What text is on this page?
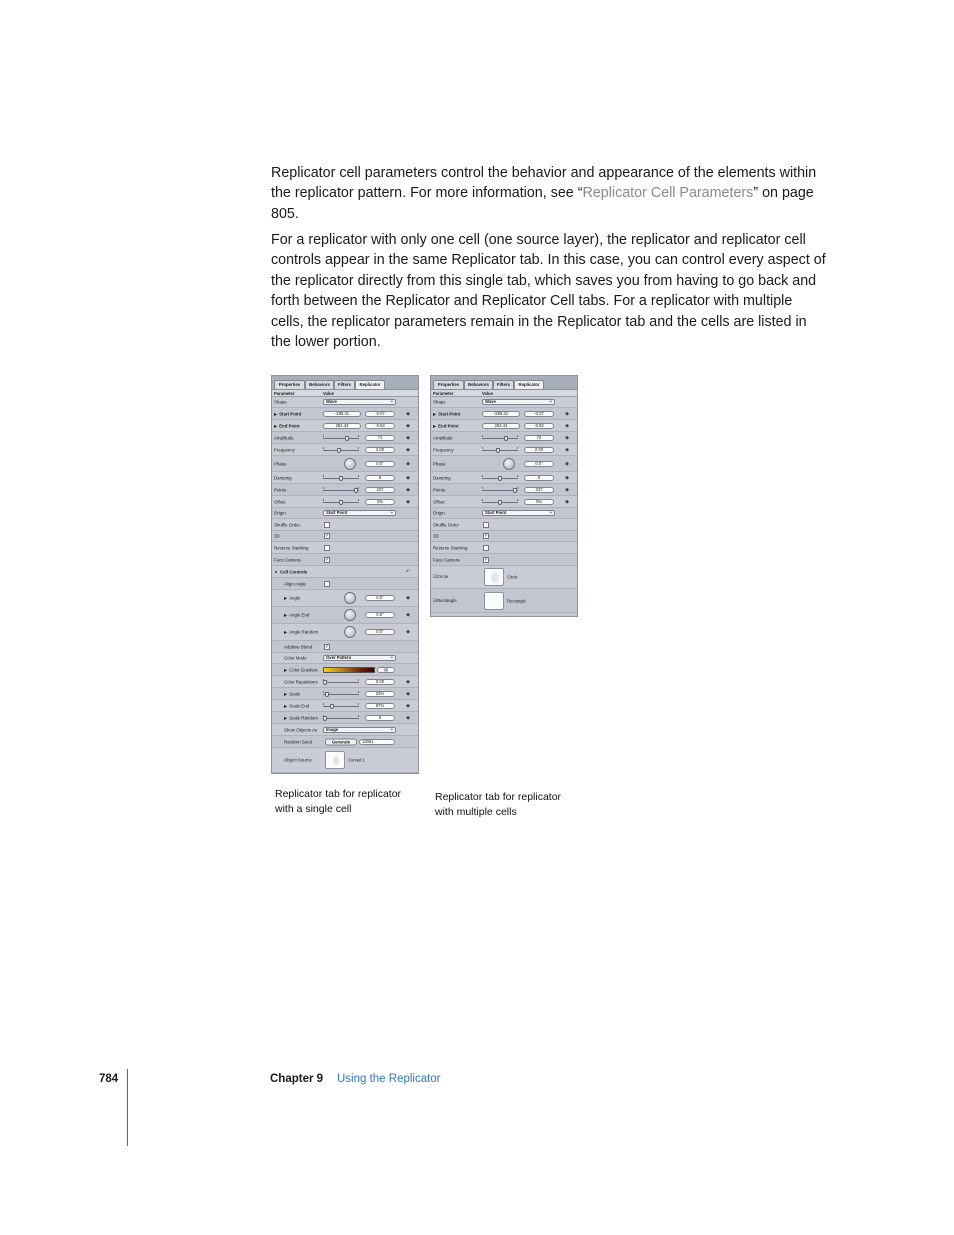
Replicator cell parameters control the behavior and appearance of the elements within the replicator pattern. For more information, see “Replicator Cell Parameters” on page 805.

For a replicator with only one cell (one source layer), the replicator and replicator cell controls appear in the same Replicator tab. In this case, you can control every aspect of the replicator directly from this single tab, which saves you from having to go back and forth between the Replicator and Replicator Cell tabs. For a replicator with multiple cells, the replicator parameters remain in the Replicator tab and the cells are listed in the lower portion.

Properties	Behaviors	Filters	Replicator
Parameter	Value
Shape	Wave ÷
▶ Start Point	-288.31	-0.07	◆
▶ End Point	262.44	-0.63	◆
Amplitude	71	◆
Frequency	2.00	◆
Phase	0.0°	◆
Damping	0	◆
Points	227	◆
Offset	0%	◆
Origin	Start Point ÷
Shuffle Order
3D	✓
Reverse Stacking
Face Camera	✓
▼ Cell Controls	↶
Align Angle
▶ Angle	0.0°	◆
▶ Angle End	0.0°	◆
▶ Angle Random	0.0°	◆
Additive Blend	✓
Color Mode	Over Pattern ÷
▶ Color Gradient	▤
Color Repetitions	0.00	◆
▶ Scale	23%	◆
▶ Scale End	87%	◆
▶ Scale Random	0	◆
Show Objects As	Image ÷
Random Seed	Generate	10061
Object Source	Curved 1
Properties	Behaviors	Filters	Replicator
Parameter	Value
Shape	Wave ÷
▶ Start Point	-288.31	-0.07	◆
▶ End Point	262.44	-0.63	◆
Amplitude	72	◆
Frequency	2.00	◆
Phase	0.0°	◆
Damping	0	◆
Points	227	◆
Offset	0%	◆
Origin	Start Point ÷
Shuffle Order
3D	✓
Reverse Stacking
Face Camera	✓
☑Circle	Circle
☑Rectangle	Rectangle
Replicator tab for replicator
with a single cell
Replicator tab for replicator
with multiple cells
784	Chapter 9 Using the Replicator
